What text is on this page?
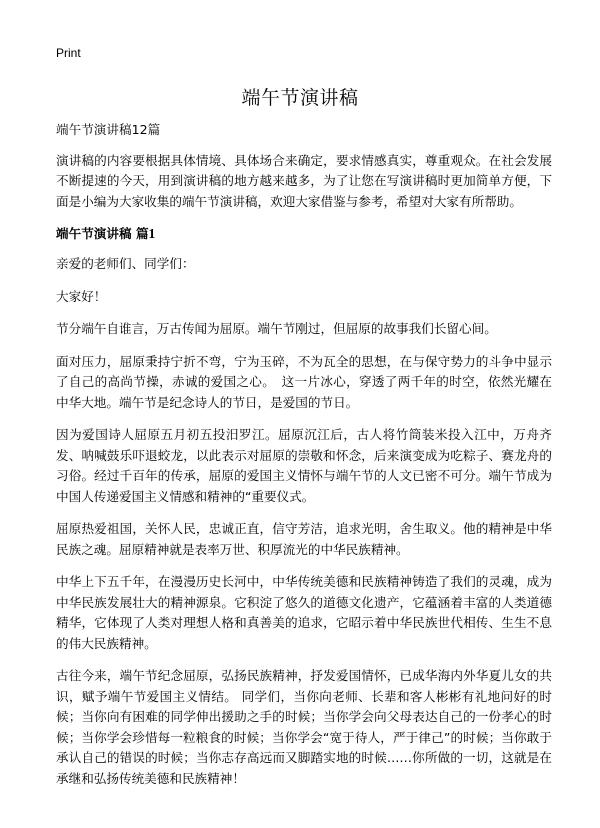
Print
端午节演讲稿

端午节演讲稿12篇

演讲稿的内容要根据具体情境、具体场合来确定，要求情感真实，尊重观众。在社会发展不断提速的今天，用到演讲稿的地方越来越多，为了让您在写演讲稿时更加简单方便，下面是小编为大家收集的端午节演讲稿，欢迎大家借鉴与参考，希望对大家有所帮助。

端午节演讲稿 篇1

亲爱的老师们、同学们：

大家好！

节分端午自谁言，万古传闻为屈原。端午节刚过，但屈原的故事我们长留心间。

面对压力，屈原秉持宁折不弯，宁为玉碎，不为瓦全的思想，在与保守势力的斗争中显示了自己的高尚节操，赤诚的爱国之心。　这一片冰心，穿透了两千年的时空，依然光耀在中华大地。端午节是纪念诗人的节日，是爱国的节日。

因为爱国诗人屈原五月初五投汨罗江。屈原沉江后，古人将竹筒装米投入江中，万舟齐发、呐喊鼓乐吓退蛟龙，以此表示对屈原的崇敬和怀念，后来演变成为吃粽子、赛龙舟的习俗。经过千百年的传承，屈原的爱国主义情怀与端午节的人文已密不可分。端午节成为中国人传递爱国主义情感和精神的“重要仪式。

屈原热爱祖国，关怀人民，忠诚正直，信守芳洁，追求光明，舍生取义。他的精神是中华民族之魂。屈原精神就是表率万世、积厚流光的中华民族精神。

中华上下五千年，在漫漫历史长河中，中华传统美德和民族精神铸造了我们的灵魂，成为中华民族发展壮大的精神源泉。它积淀了悠久的道德文化遗产，它蕴涵着丰富的人类道德精华，它体现了人类对理想人格和真善美的追求，它昭示着中华民族世代相传、生生不息的伟大民族精神。

古往今来，端午节纪念屈原，弘扬民族精神，抒发爱国情怀，已成华海内外华夏儿女的共识，赋予端午节爱国主义情结。 同学们，当你向老师、长辈和客人彬彬有礼地问好的时候；当你向有困难的同学伸出援助之手的时候；当你学会向父母表达自己的一份孝心的时候；当你学会珍惜每一粒粮食的时候；当你学会“宽于待人，严于律己”的时候；当你敢于承认自己的错误的时候；当你志存高远而又脚踏实地的时候……你所做的一切，这就是在承继和弘扬传统美德和民族精神！
